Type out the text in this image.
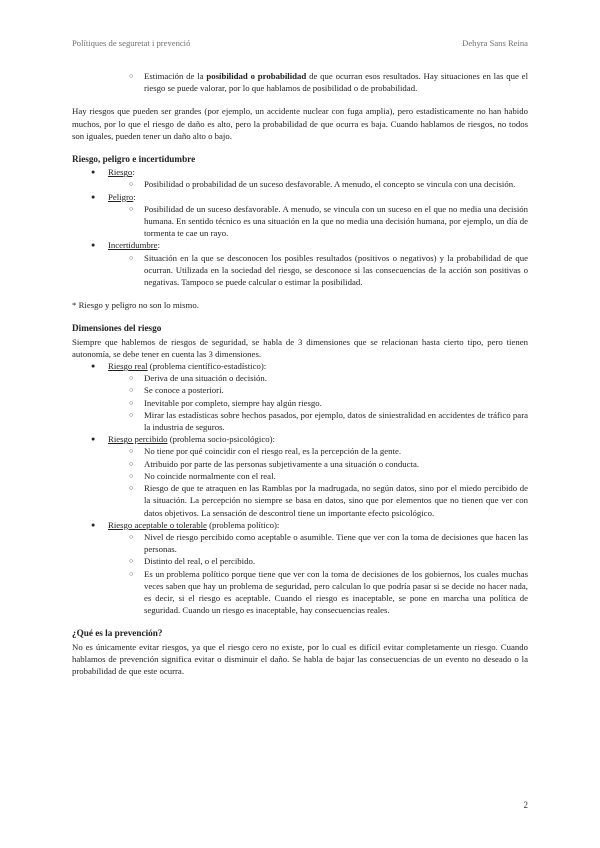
Polítiques de seguretat i prevenció	Dehyra Sans Reina

○ Estimación de la posibilidad o probabilidad de que ocurran esos resultados. Hay situaciones en las que el riesgo se puede valorar, por lo que hablamos de posibilidad o de probabilidad.

Hay riesgos que pueden ser grandes (por ejemplo, un accidente nuclear con fuga amplia), pero estadísticamente no han habido muchos, por lo que el riesgo de daño es alto, pero la probabilidad de que ocurra es baja. Cuando hablamos de riesgos, no todos son iguales, pueden tener un daño alto o bajo.

Riesgo, peligro e incertidumbre

● Riesgo:

○ Posibilidad o probabilidad de un suceso desfavorable. A menudo, el concepto se vincula con una decisión.

● Peligro:

○ Posibilidad de un suceso desfavorable. A menudo, se vincula con un suceso en el que no media una decisión humana. En sentido técnico es una situación en la que no media una decisión humana, por ejemplo, un día de tormenta te cae un rayo.

● Incertidumbre:

○ Situación en la que se desconocen los posibles resultados (positivos o negativos) y la probabilidad de que ocurran. Utilizada en la sociedad del riesgo, se desconoce si las consecuencias de la acción son positivas o negativas. Tampoco se puede calcular o estimar la posibilidad.

* Riesgo y peligro no son lo mismo.

Dimensiones del riesgo

Siempre que hablemos de riesgos de seguridad, se habla de 3 dimensiones que se relacionan hasta cierto tipo, pero tienen autonomía, se debe tener en cuenta las 3 dimensiones.

● Riesgo real (problema científico-estadístico):

○ Deriva de una situación o decisión.

○ Se conoce a posteriori.

○ Inevitable por completo, siempre hay algún riesgo.

○ Mirar las estadísticas sobre hechos pasados, por ejemplo, datos de siniestralidad en accidentes de tráfico para la industria de seguros.

● Riesgo percibido (problema socio-psicológico):

○ No tiene por qué coincidir con el riesgo real, es la percepción de la gente.

○ Atribuido por parte de las personas subjetivamente a una situación o conducta.

○ No coincide normalmente con el real.

○ Riesgo de que te atraquen en las Ramblas por la madrugada, no según datos, sino por el miedo percibido de la situación. La percepción no siempre se basa en datos, sino que por elementos que no tienen que ver con datos objetivos. La sensación de descontrol tiene un importante efecto psicológico.

● Riesgo aceptable o tolerable (problema político):

○ Nivel de riesgo percibido como aceptable o asumible. Tiene que ver con la toma de decisiones que hacen las personas.

○ Distinto del real, o el percibido.

○ Es un problema político porque tiene que ver con la toma de decisiones de los gobiernos, los cuales muchas veces saben que hay un problema de seguridad, pero calculan lo que podría pasar si se decide no hacer nada, es decir, si el riesgo es aceptable. Cuando el riesgo es inaceptable, se pone en marcha una política de seguridad. Cuando un riesgo es inaceptable, hay consecuencias reales.

¿Qué es la prevención?

No es únicamente evitar riesgos, ya que el riesgo cero no existe, por lo cual es difícil evitar completamente un riesgo. Cuando hablamos de prevención significa evitar o disminuir el daño. Se habla de bajar las consecuencias de un evento no deseado o la probabilidad de que este ocurra.

2
